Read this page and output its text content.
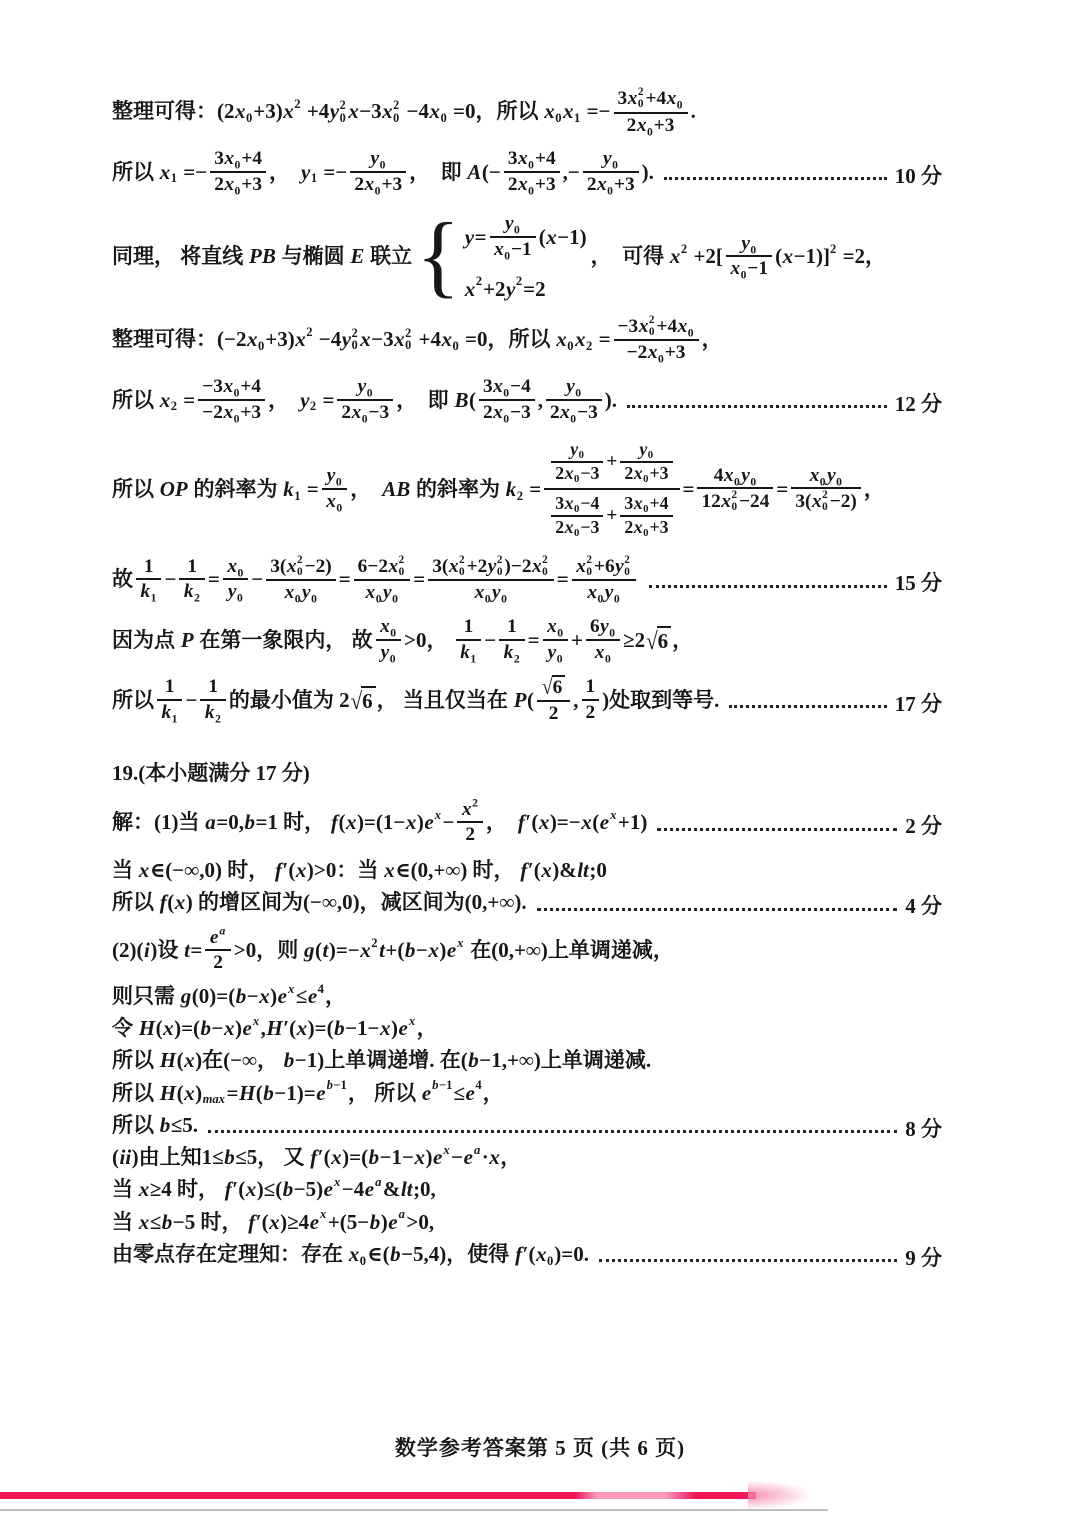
整理可得：(2x 0 +3)x 2 +4y 2
0 x−3x 2
0 −4x 0 =0，所以 x 0 x 1 =− 3x 2
0 +4x 0
2x 0 +3 .
所以 x $1 =- \frac{3x 0 +4}{2x 0 +3}$ ，  y $1 =- \frac{y 0}{2x 0 +3}$ ，  即 $A(- \frac{3x 0 +4}{2x 0 +3}$ ,− $\frac{y 0}{2x 0 +3}$ ).	10 分
同理， 将直线 PB 与椭圆 E 联立 { $y= \frac{y 0}{x 0 -1} (x-1)$
x 2 +2y 2 =2
，  可得 x $2 +2[ \frac{y 0}{x 0 -1} (x-1)]$ 2 =2，
整理可得：(−2x 0 +3)x 2 −4y 2
0 x−3x 2
0 +4x 0 =0，所以 x 0 x 2 = −3x 2
0 +4x 0
−2x 0 +3 ，
所以 x $2 = \frac{-3x 0 +4}{-2x 0 +3}$ ，  y $2 = \frac{y 0}{2x 0 -3}$ ，  即 $B( \frac{3x 0 -4}{2x 0 -3}$ , $\frac{y 0}{2x 0 -3}$ ).	12 分
所以 OP 的斜率为 k $1 = \frac{y 0}{x 0}$ ，  AB 的斜率为 k $2 = \frac{\frac{y 0}{2x 0 -3} + \frac{y 0}{2x 0 +3}}{\frac{3x 0 -4}{2x 0 -3} + \frac{3x 0 +4}{2x 0 +3}} = 4x$ 0 y 0
12x 2
0 −24 = x 0 y 0
3(x 2
0 −2) ，
故 $\frac{1}{k 1} - \frac{1}{k 2} = \frac{x 0}{y 0} - 3(x$ 2
0 −2)
x 0 y 0 = 6−2x 2
0
x 0 y 0 = 3(x 2
0 +2y 2
0 )−2x 2
0
x 0 y 0 = x 2
0 +6y 2
0
x 0 y 0	15 分
因为点 P 在第一象限内， 故 $\frac{x 0}{y 0} >0$， $\frac{1}{k 1} - \frac{1}{k 2} = \frac{x 0}{y 0} + \frac{6y 0}{x 0} \ge 2$ √ 6 ，
所以 $\frac{1}{k 1} - \frac{1}{k 2}$ 的最小值为 2 √ 6 ， 当且仅当在 $P( \frac{√ 6}{2}$ , $\frac{1}{2}$ )处取到等号.	17 分
19.(本小题满分 17 分)
解：(1)当 a=0,b=1 时， f(x)=(1−x)e $x - \frac{x 2}{2}$ ，  f′(x)=−x(e x +1)	2 分
当 x∈(−∞,0) 时， f′(x)>0：当 x∈(0,+∞) 时， f′(x)&lt;0
所以 f(x) 的增区间为(−∞,0)，减区间为(0,+∞).	4 分
(2)(i)设 $t= \frac{\text{e a}}{2} >0$，则 g(t)=−x 2 t+(b−x)e x 在(0,+∞)上单调递减，
则只需 g(0)=(b−x)e x ≤e 4 ，
令 H(x)=(b−x)e x ,H′(x)=(b−1−x)e x ，
所以 H(x)在(−∞， b−1)上单调递增. 在(b−1,+∞)上单调递减.
所以 H(x) max =H(b−1)=e b−1 ， 所以 e b−1 ≤e 4 ，
所以 b≤5.	8 分
(ii)由上知1≤b≤5， 又 f′(x)=(b−1−x)e x −e a ·x，
当 x≥4 时， f′(x)≤(b−5)e x −4e a &lt;0,
当 x≤b−5 时， f′(x)≥4e x +(5−b)e a >0,
由零点存在定理知：存在 x 0 ∈(b−5,4)，使得 f′(x 0 )=0.	9 分
数学参考答案第 5 页 (共 6 页)
